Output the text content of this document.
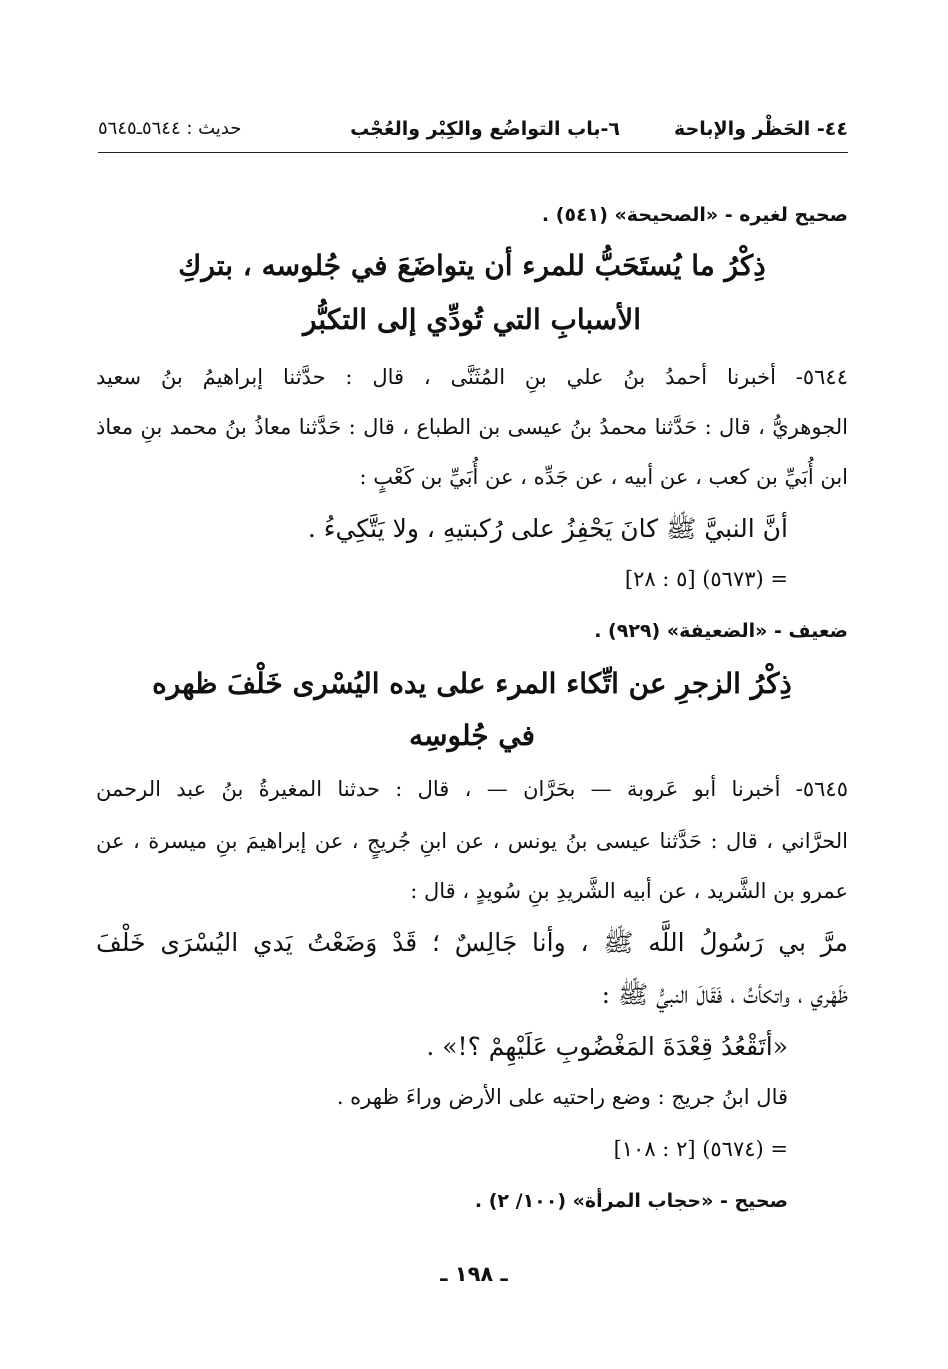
٤٤- الحَظْر والإباحة
٦-باب التواضُع والكِبْر والعُجْب
حديث : ٥٦٤٤ـ٥٦٤٥
صحيح لغيره - «الصحيحة» (٥٤١) .
ذِكْرُ ما يُستَحَبُّ للمرء أن يتواضَعَ في جُلوسه ، بتركِ
الأسبابِ التي تُودِّي إلى التكبُّر
٥٦٤٤- أخبرنا أحمدُ بنُ علي بنِ المُثَنَّى ، قال : حدَّثنا إبراهيمُ بنُ سعيد
الجوهريُّ ، قال : حَدَّثنا محمدُ بنُ عيسى بن الطباع ، قال : حَدَّثنا معاذُ بنُ محمد بنِ معاذ
ابن أُبَيِّ بن كعب ، عن أبيه ، عن جَدِّه ، عن أُبَيِّ بن كَعْبٍ :
أنَّ النبيَّ ﷺ كانَ يَحْفِزُ على رُكبتيهِ ، ولا يَتَّكِيءُ .
= (٥٦٧٣) [٥ : ٢٨]
ضعيف - «الضعيفة» (٩٢٩) .
ذِكْرُ الزجرِ عن اتِّكاء المرء على يده اليُسْرى خَلْفَ ظهره
في جُلوسِه
٥٦٤٥- أخبرنا أبو عَروبة — بحَرَّان — ، قال : حدثنا المغيرةُ بنُ عبد الرحمن
الحرَّاني ، قال : حَدَّثنا عيسى بنُ يونس ، عن ابنِ جُريجٍ ، عن إبراهيمَ بنِ ميسرة ، عن
عمرو بن الشَّريد ، عن أبيه الشَّريدِ بنِ سُويدٍ ، قال :
مرَّ بي رَسُولُ اللَّه ﷺ ، وأنا جَالِسٌ ؛ قَدْ وَضَعْتُ يَدي اليُسْرَى خَلْفَ
ظَهْري ، واتكأتُ ، فَقَالَ النبيُّ ﷺ :
«أتَقْعُدُ قِعْدَةَ المَغْضُوبِ عَلَيْهِمْ ؟!» .
قال ابنُ جريج : وضع راحتيه على الأرض وراءَ ظهره .
= (٥٦٧٤) [٢ : ١٠٨]
صحيح - «حجاب المرأة» (١٠٠/ ٢) .
ـ ١٩٨ ـ
